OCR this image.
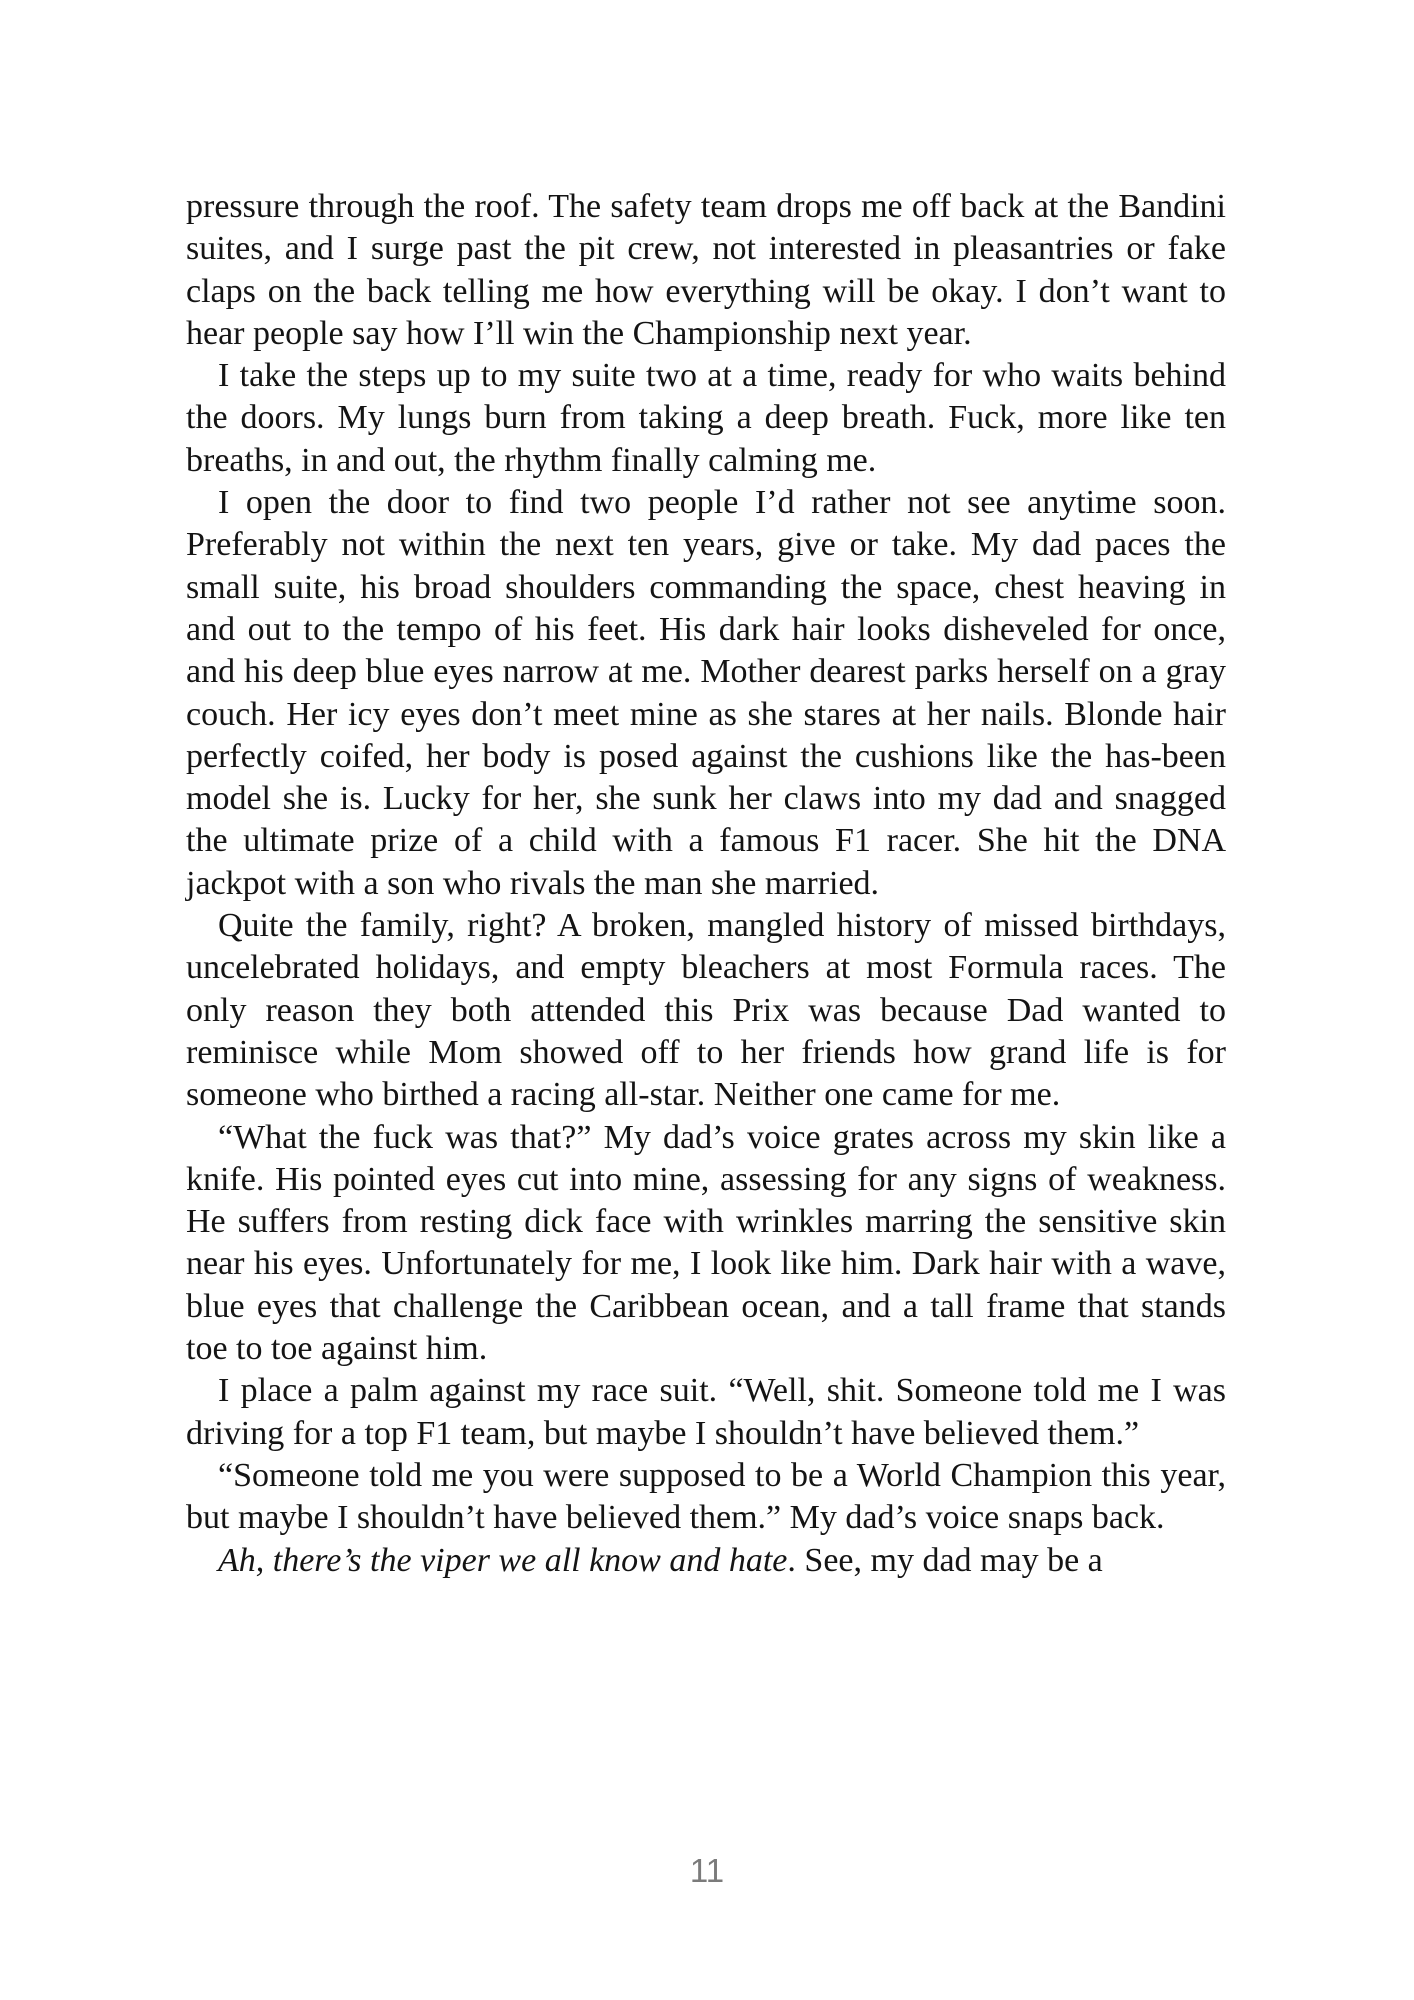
pressure through the roof. The safety team drops me off back at the Bandini suites, and I surge past the pit crew, not interested in pleasantries or fake claps on the back telling me how everything will be okay. I don’t want to hear people say how I’ll win the Championship next year.

I take the steps up to my suite two at a time, ready for who waits behind the doors. My lungs burn from taking a deep breath. Fuck, more like ten breaths, in and out, the rhythm finally calming me.

I open the door to find two people I’d rather not see anytime soon. Preferably not within the next ten years, give or take. My dad paces the small suite, his broad shoulders commanding the space, chest heaving in and out to the tempo of his feet. His dark hair looks disheveled for once, and his deep blue eyes narrow at me. Mother dearest parks herself on a gray couch. Her icy eyes don’t meet mine as she stares at her nails. Blonde hair perfectly coifed, her body is posed against the cushions like the has-been model she is. Lucky for her, she sunk her claws into my dad and snagged the ultimate prize of a child with a famous F1 racer. She hit the DNA jackpot with a son who rivals the man she married.

Quite the family, right? A broken, mangled history of missed birthdays, uncelebrated holidays, and empty bleachers at most Formula races. The only reason they both attended this Prix was because Dad wanted to reminisce while Mom showed off to her friends how grand life is for someone who birthed a racing all-star. Neither one came for me.

“What the fuck was that?” My dad’s voice grates across my skin like a knife. His pointed eyes cut into mine, assessing for any signs of weakness. He suffers from resting dick face with wrinkles marring the sensitive skin near his eyes. Unfortunately for me, I look like him. Dark hair with a wave, blue eyes that challenge the Caribbean ocean, and a tall frame that stands toe to toe against him.

I place a palm against my race suit. “Well, shit. Someone told me I was driving for a top F1 team, but maybe I shouldn’t have believed them.”

“Someone told me you were supposed to be a World Champion this year, but maybe I shouldn’t have believed them.” My dad’s voice snaps back.

Ah, there’s the viper we all know and hate. See, my dad may be a

11
